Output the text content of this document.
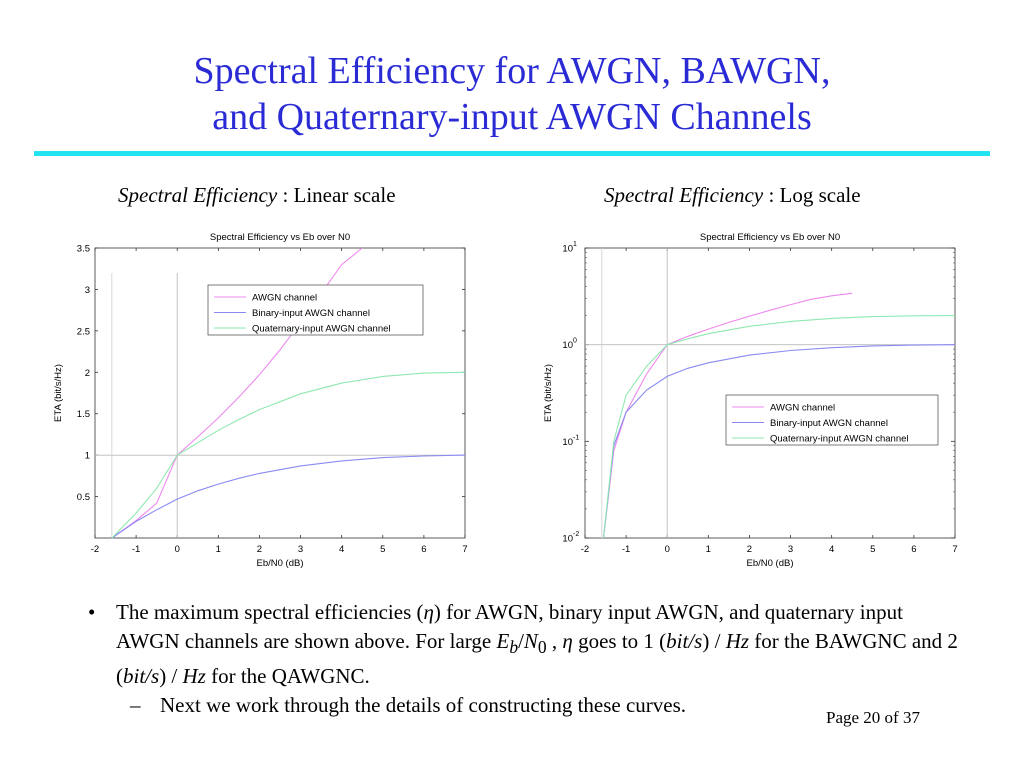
Spectral Efficiency for AWGN, BAWGN,
and Quaternary-input AWGN Channels
Spectral Efficiency : Linear scale	Spectral Efficiency : Log scale
Spectral Efficiency vs Eb over N0
-2	-1	0	1	2	3	4	5	6	7
0.5
1
1.5
2
2.5
3
3.5
Eb/N0 (dB)
ETA (bit/s/Hz)
AWGN channel
Binary-input AWGN channel
Quaternary-input AWGN channel
Spectral Efficiency vs Eb over N0
-2	-1	0	1	2	3	4	5	6	7
10 -2
10 -1
10 0
10 1
Eb/N0 (dB)
ETA (bit/s/Hz)	AWGN channel
Binary-input AWGN channel
Quaternary-input AWGN channel
• The maximum spectral efficiencies (η) for AWGN, binary input AWGN, and quaternary input AWGN channels are shown above. For large $E_b/N_0$ , η goes to 1 (bit/s) / Hz for the BAWGNC and 2 (bit/s) / Hz for the QAWGNC.
– Next we work through the details of constructing these curves.
Page 20 of 37
